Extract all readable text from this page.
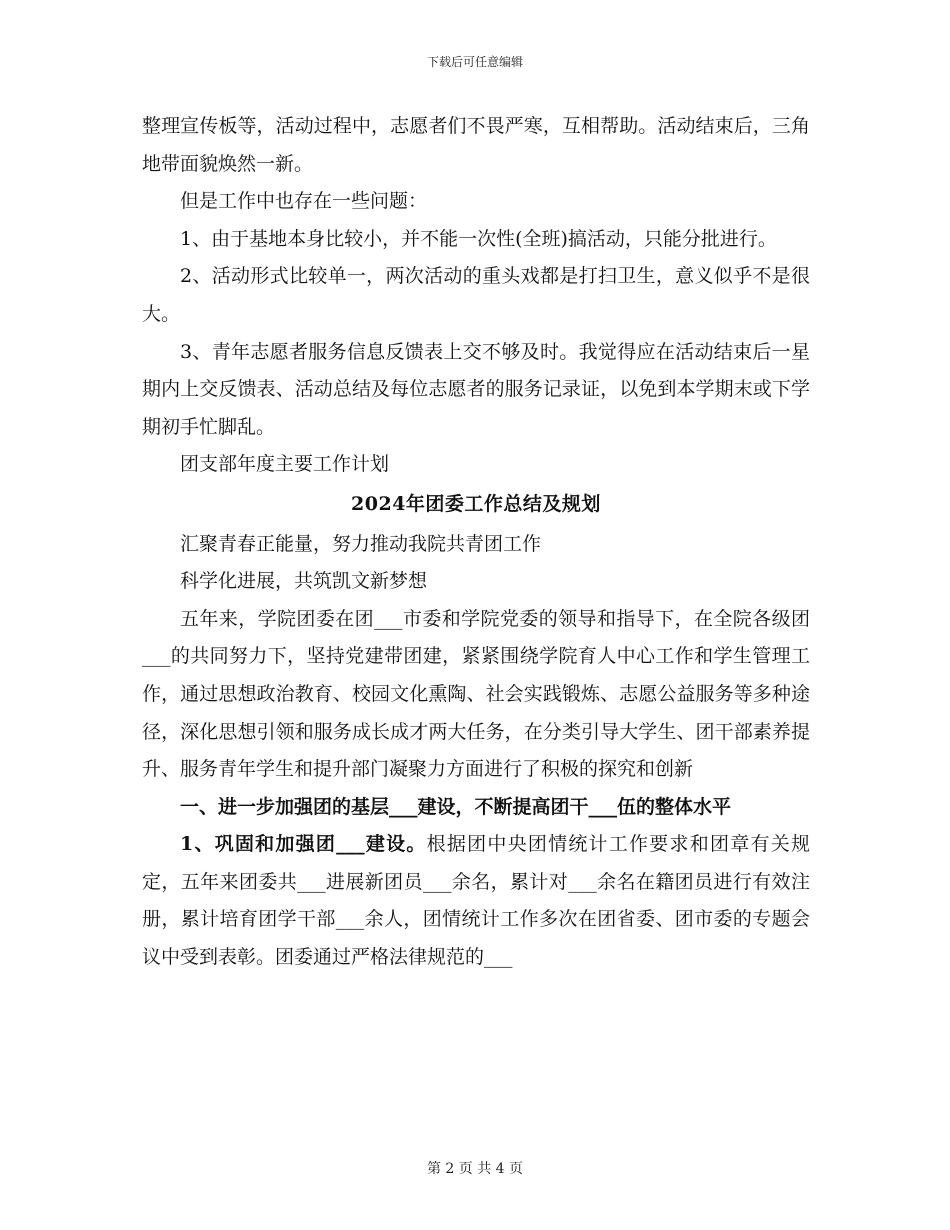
下载后可任意编辑

整理宣传板等，活动过程中，志愿者们不畏严寒，互相帮助。活动结束后，三角地带面貌焕然一新。

但是工作中也存在一些问题：

1、由于基地本身比较小，并不能一次性(全班)搞活动，只能分批进行。

2、活动形式比较单一，两次活动的重头戏都是打扫卫生，意义似乎不是很大。

3、青年志愿者服务信息反馈表上交不够及时。我觉得应在活动结束后一星期内上交反馈表、活动总结及每位志愿者的服务记录证，以免到本学期末或下学期初手忙脚乱。

团支部年度主要工作计划

2024年团委工作总结及规划

汇聚青春正能量，努力推动我院共青团工作

科学化进展，共筑凯文新梦想

五年来，学院团委在团___市委和学院党委的领导和指导下，在全院各级团___的共同努力下，坚持党建带团建，紧紧围绕学院育人中心工作和学生管理工作，通过思想政治教育、校园文化熏陶、社会实践锻炼、志愿公益服务等多种途径，深化思想引领和服务成长成才两大任务，在分类引导大学生、团干部素养提升、服务青年学生和提升部门凝聚力方面进行了积极的探究和创新

一、进一步加强团的基层___建设，不断提高团干___伍的整体水平

1、巩固和加强团___建设。根据团中央团情统计工作要求和团章有关规定，五年来团委共___进展新团员___余名，累计对___余名在籍团员进行有效注册，累计培育团学干部___余人，团情统计工作多次在团省委、团市委的专题会议中受到表彰。团委通过严格法律规范的___

第 2 页 共 4 页
